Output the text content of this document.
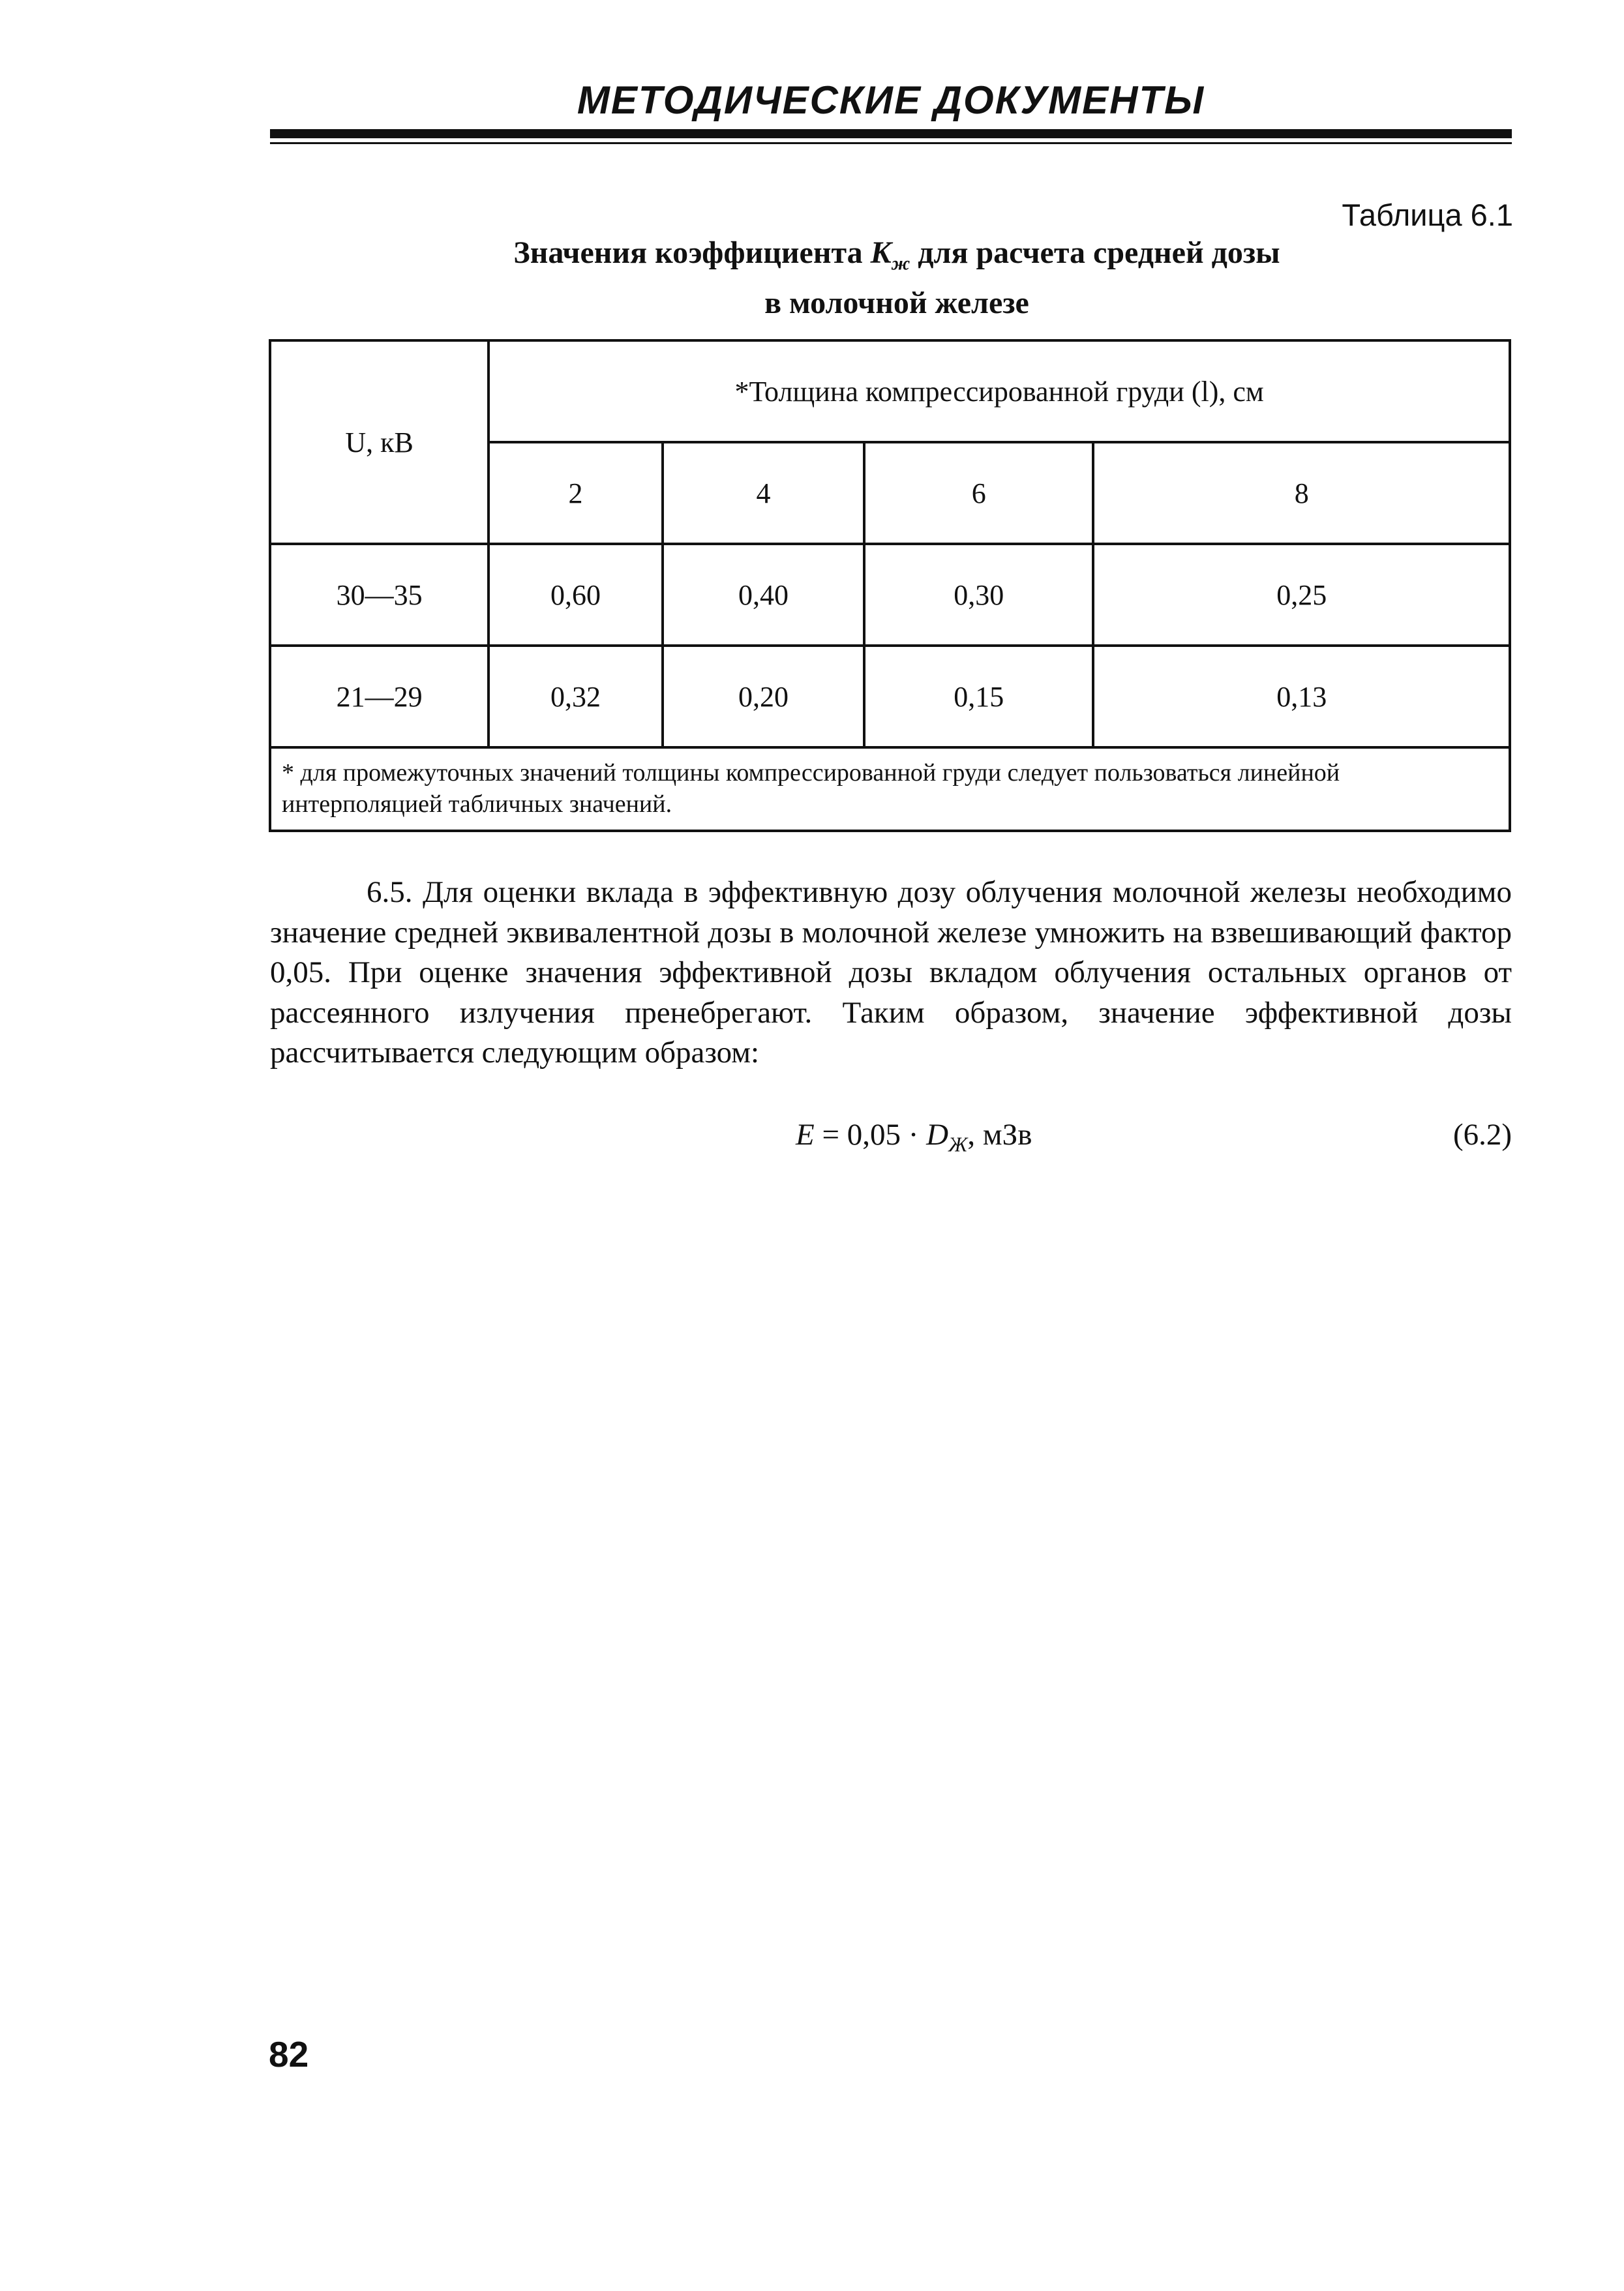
МЕТОДИЧЕСКИЕ ДОКУМЕНТЫ
Таблица 6.1
Значения коэффициента $K_ж$ для расчета средней дозы
в молочной железе
U, кВ	*Толщина компрессированной груди (l), см			
	2	4	6	8
30—35	0,60	0,40	0,30	0,25
21—29	0,32	0,20	0,15	0,13
* для промежуточных значений толщины компрессированной груди следует пользоваться линейной интерполяцией табличных значений.				

6.5. Для оценки вклада в эффективную дозу облучения молочной железы необходимо значение средней эквивалентной дозы в молочной железе умножить на взвешивающий фактор 0,05. При оценке значения эффективной дозы вкладом облучения остальных органов от рассеянного излучения пренебрегают. Таким образом, значение эффективной дозы рассчитывается следующим образом:

$E = 0,05 \cdot D_Ж$, мЗв	(6.2)
82
